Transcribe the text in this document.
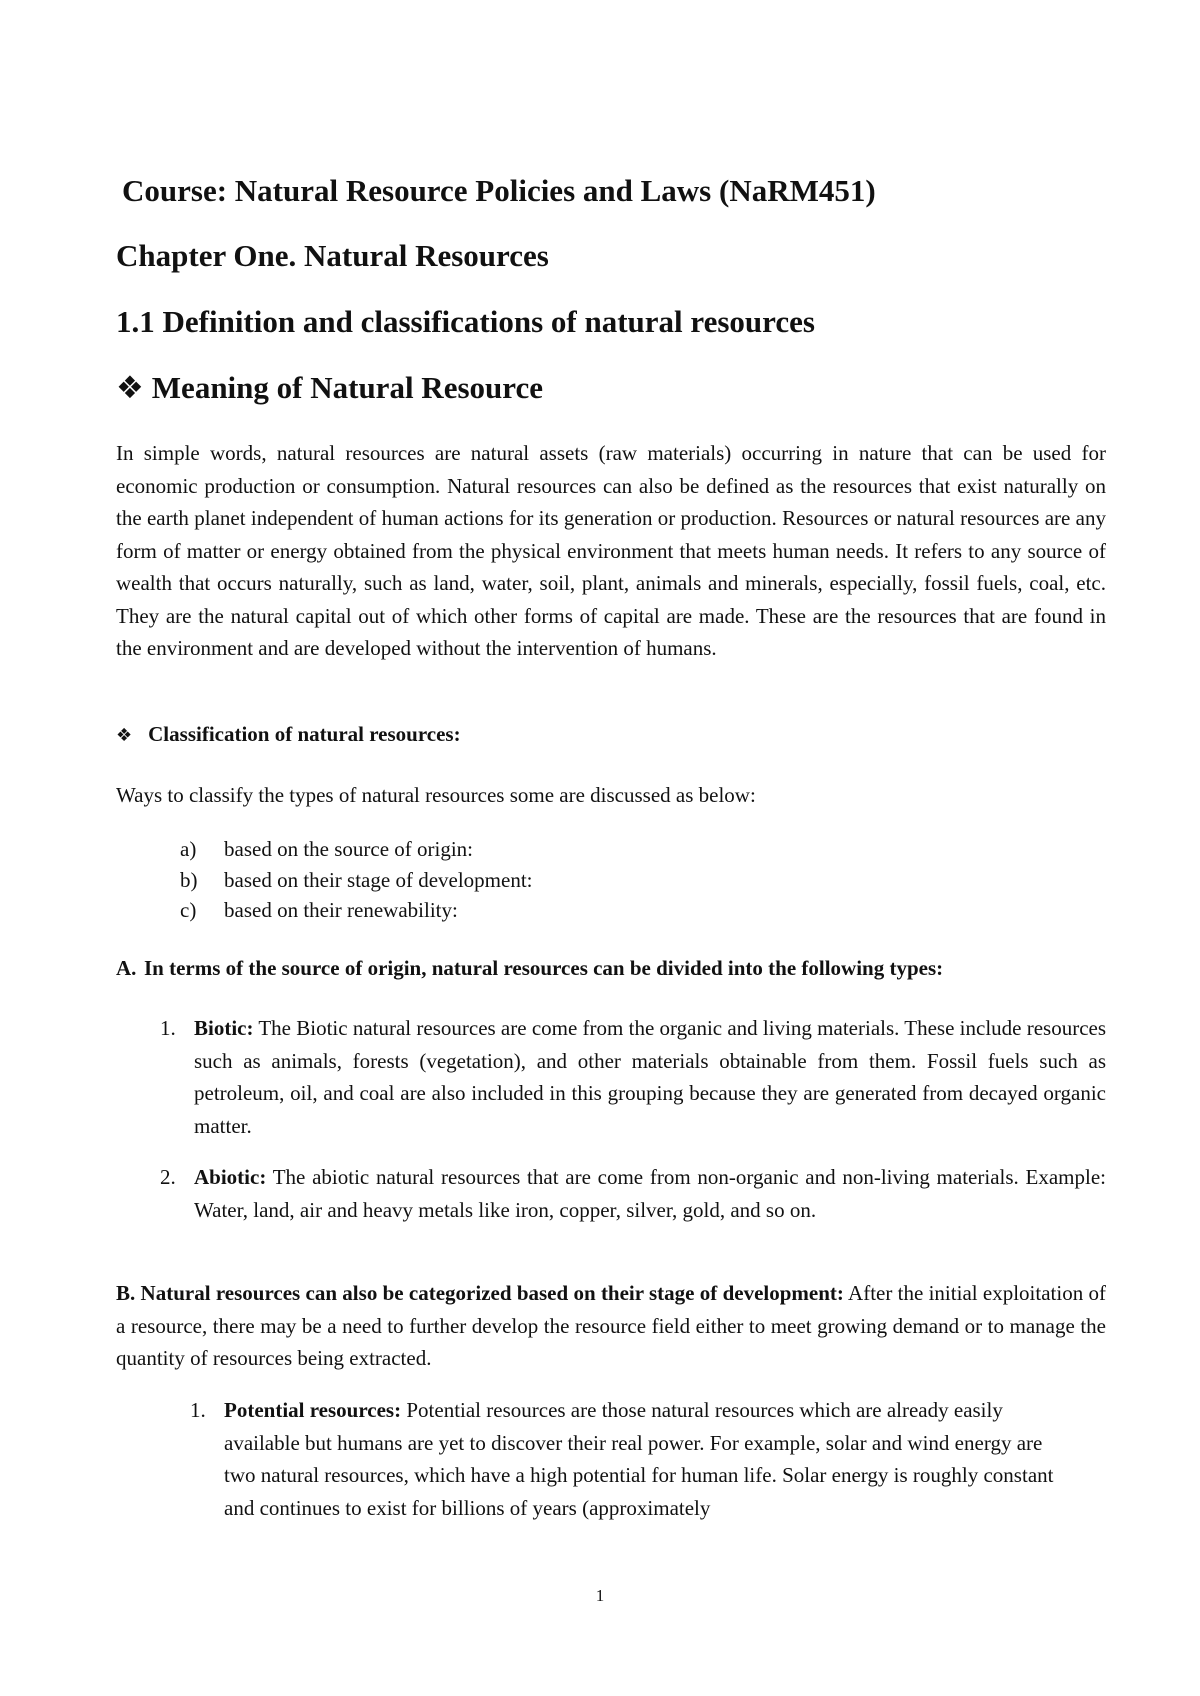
Course: Natural Resource Policies and Laws (NaRM451)
Chapter One. Natural Resources
1.1 Definition and classifications of natural resources
❖ Meaning of Natural Resource

In simple words, natural resources are natural assets (raw materials) occurring in nature that can be used for economic production or consumption. Natural resources can also be defined as the resources that exist naturally on the earth planet independent of human actions for its generation or production. Resources or natural resources are any form of matter or energy obtained from the physical environment that meets human needs. It refers to any source of wealth that occurs naturally, such as land, water, soil, plant, animals and minerals, especially, fossil fuels, coal, etc. They are the natural capital out of which other forms of capital are made. These are the resources that are found in the environment and are developed without the intervention of humans.

❖ Classification of natural resources:

Ways to classify the types of natural resources some are discussed as below:

a)	based on the source of origin:
b)	based on their stage of development:
c)	based on their renewability:
A. In terms of the source of origin, natural resources can be divided into the following types:
1. Biotic: The Biotic natural resources are come from the organic and living materials. These include resources such as animals, forests (vegetation), and other materials obtainable from them. Fossil fuels such as petroleum, oil, and coal are also included in this grouping because they are generated from decayed organic matter.
2. Abiotic: The abiotic natural resources that are come from non-organic and non-living materials. Example: Water, land, air and heavy metals like iron, copper, silver, gold, and so on.

B. Natural resources can also be categorized based on their stage of development: After the initial exploitation of a resource, there may be a need to further develop the resource field either to meet growing demand or to manage the quantity of resources being extracted.

1. Potential resources: Potential resources are those natural resources which are already easily available but humans are yet to discover their real power. For example, solar and wind energy are two natural resources, which have a high potential for human life. Solar energy is roughly constant and continues to exist for billions of years (approximately

1
